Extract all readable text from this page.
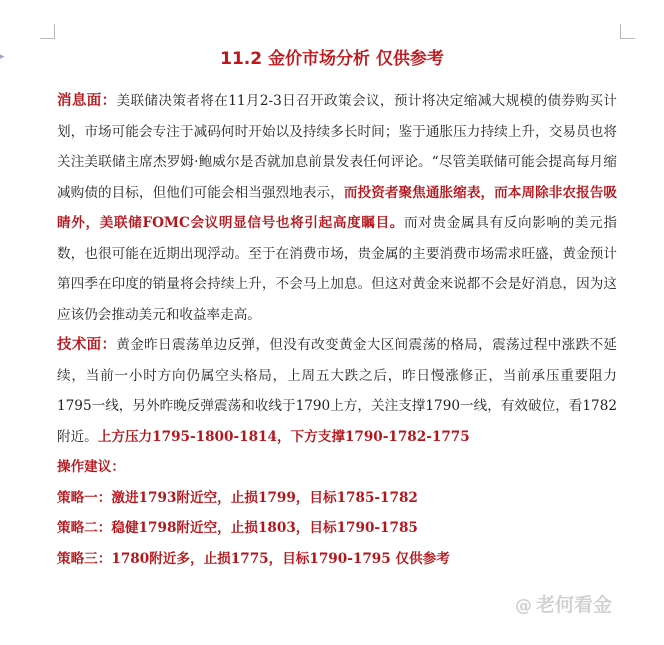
▸	11.2 金价市场分析 仅供参考

消息面：美联储决策者将在11月2-3日召开政策会议，预计将决定缩减大规模的债券购买计划，市场可能会专注于减码何时开始以及持续多长时间；鉴于通胀压力持续上升，交易员也将关注美联储主席杰罗姆·鲍威尔是否就加息前景发表任何评论。“尽管美联储可能会提高每月缩减购债的目标，但他们可能会相当强烈地表示，而投资者聚焦通胀缩表，而本周除非农报告吸睛外，美联储FOMC会议明显信号也将引起高度瞩目。而对贵金属具有反向影响的美元指数，也很可能在近期出现浮动。至于在消费市场，贵金属的主要消费市场需求旺盛，黄金预计第四季在印度的销量将会持续上升，不会马上加息。但这对黄金来说都不会是好消息，因为这应该仍会推动美元和收益率走高。

技术面：黄金昨日震荡单边反弹，但没有改变黄金大区间震荡的格局，震荡过程中涨跌不延续，当前一小时方向仍属空头格局，上周五大跌之后，昨日慢涨修正，当前承压重要阻力1795一线，另外昨晚反弹震荡和收线于1790上方，关注支撑1790一线，有效破位，看1782附近。上方压力1795-1800-1814，下方支撑1790-1782-1775

操作建议：

策略一：激进1793附近空，止损1799，目标1785-1782

策略二：稳健1798附近空，止损1803，目标1790-1785

策略三：1780附近多，止损1775，目标1790-1795 仅供参考

@ 老何看金
